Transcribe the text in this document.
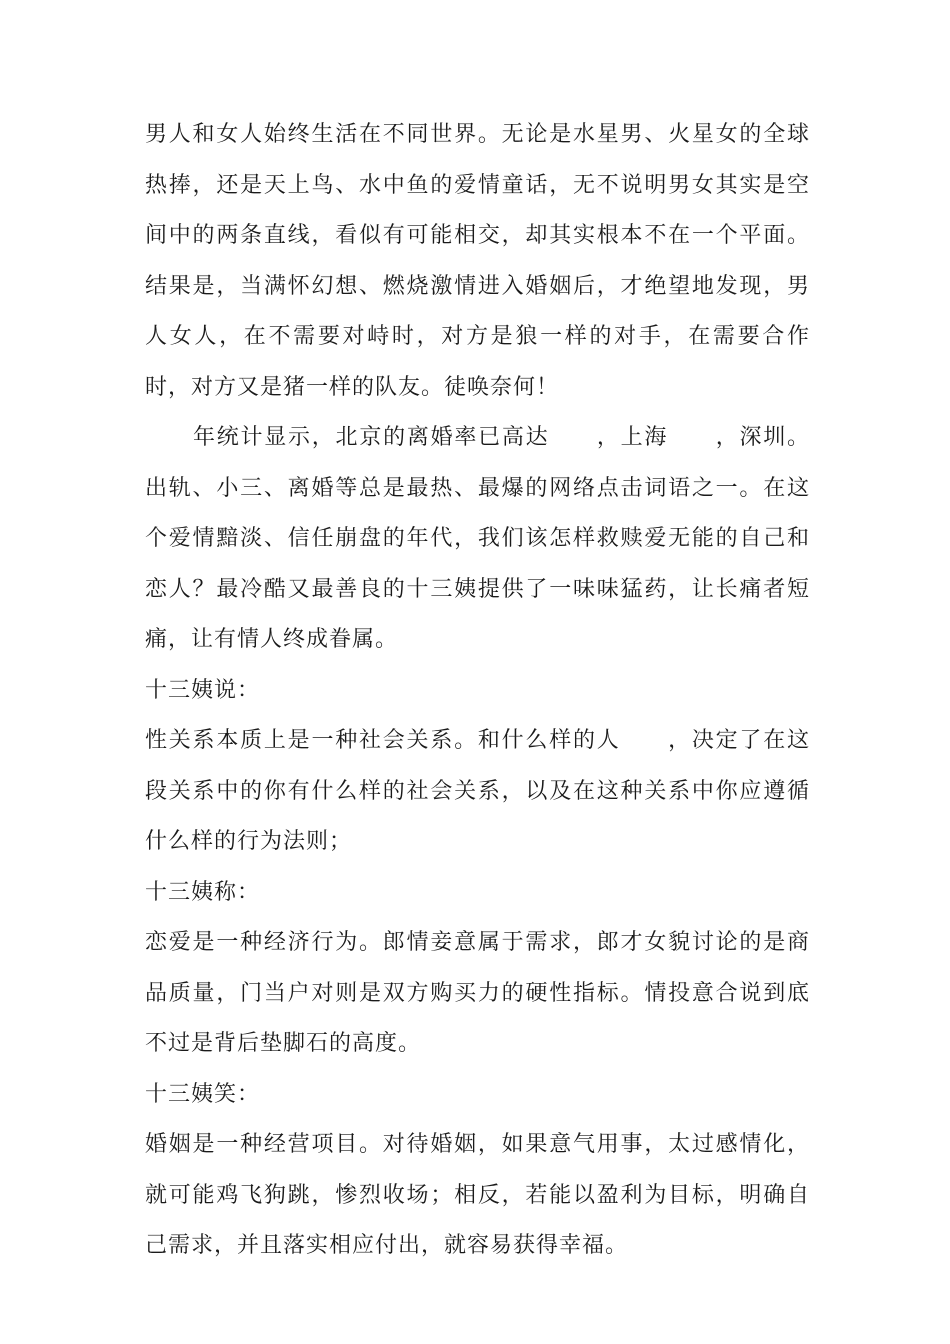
男人和女人始终生活在不同世界。无论是水星男、火星女的全球热捧，还是天上鸟、水中鱼的爱情童话，无不说明男女其实是空间中的两条直线，看似有可能相交，却其实根本不在一个平面。结果是，当满怀幻想、燃烧激情进入婚姻后，才绝望地发现，男人女人，在不需要对峙时，对方是狼一样的对手，在需要合作时，对方又是猪一样的队友。徒唤奈何！

年统计显示，北京的离婚率已高达　　，上海　　，深圳。出轨、小三、离婚等总是最热、最爆的网络点击词语之一。在这个爱情黯淡、信任崩盘的年代，我们该怎样救赎爱无能的自己和恋人？最冷酷又最善良的十三姨提供了一味味猛药，让长痛者短痛，让有情人终成眷属。

十三姨说：

性关系本质上是一种社会关系。和什么样的人　　，决定了在这段关系中的你有什么样的社会关系，以及在这种关系中你应遵循什么样的行为法则；

十三姨称：

恋爱是一种经济行为。郎情妾意属于需求，郎才女貌讨论的是商品质量，门当户对则是双方购买力的硬性指标。情投意合说到底不过是背后垫脚石的高度。

十三姨笑：

婚姻是一种经营项目。对待婚姻，如果意气用事，太过感情化，就可能鸡飞狗跳，惨烈收场；相反，若能以盈利为目标，明确自己需求，并且落实相应付出，就容易获得幸福。
